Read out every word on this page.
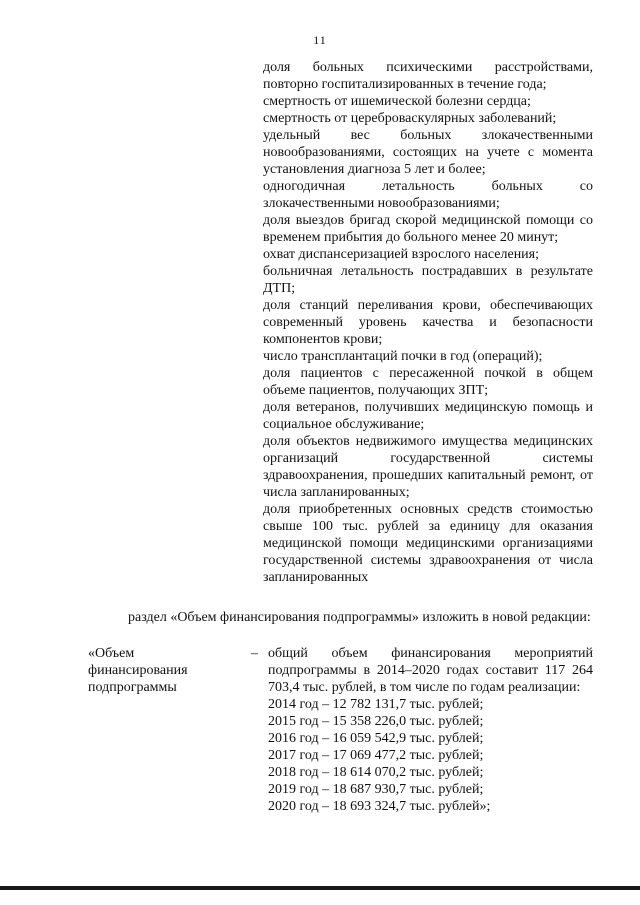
11

доля больных психическими расстройствами, повторно госпитализированных в течение года;

смертность от ишемической болезни сердца;

смертность от цереброваскулярных заболеваний;

удельный вес больных злокачественными новообразованиями, состоящих на учете с момента установления диагноза 5 лет и более;

одногодичная летальность больных со злокачественными новообразованиями;

доля выездов бригад скорой медицинской помощи со временем прибытия до больного менее 20 минут;

охват диспансеризацией взрослого населения;

больничная летальность пострадавших в результате ДТП;

доля станций переливания крови, обеспечивающих современный уровень качества и безопасности компонентов крови;

число трансплантаций почки в год (операций);

доля пациентов с пересаженной почкой в общем объеме пациентов, получающих ЗПТ;

доля ветеранов, получивших медицинскую помощь и социальное обслуживание;

доля объектов недвижимого имущества медицинских организаций государственной системы здравоохранения, прошедших капитальный ремонт, от числа запланированных;

доля приобретенных основных средств стоимостью свыше 100 тыс. рублей за единицу для оказания медицинской помощи медицинскими организациями государственной системы здравоохранения от числа запланированных

раздел «Объем финансирования подпрограммы» изложить в новой редакции:

«Объем
финансирования
подпрограммы
– общий объем финансирования мероприятий подпрограммы в 2014–2020 годах составит 117 264 703,4 тыс. рублей, в том числе по годам реализации:

2014 год – 12 782 131,7 тыс. рублей;

2015 год – 15 358 226,0 тыс. рублей;

2016 год – 16 059 542,9 тыс. рублей;

2017 год – 17 069 477,2 тыс. рублей;

2018 год – 18 614 070,2 тыс. рублей;

2019 год – 18 687 930,7 тыс. рублей;

2020 год – 18 693 324,7 тыс. рублей»;
